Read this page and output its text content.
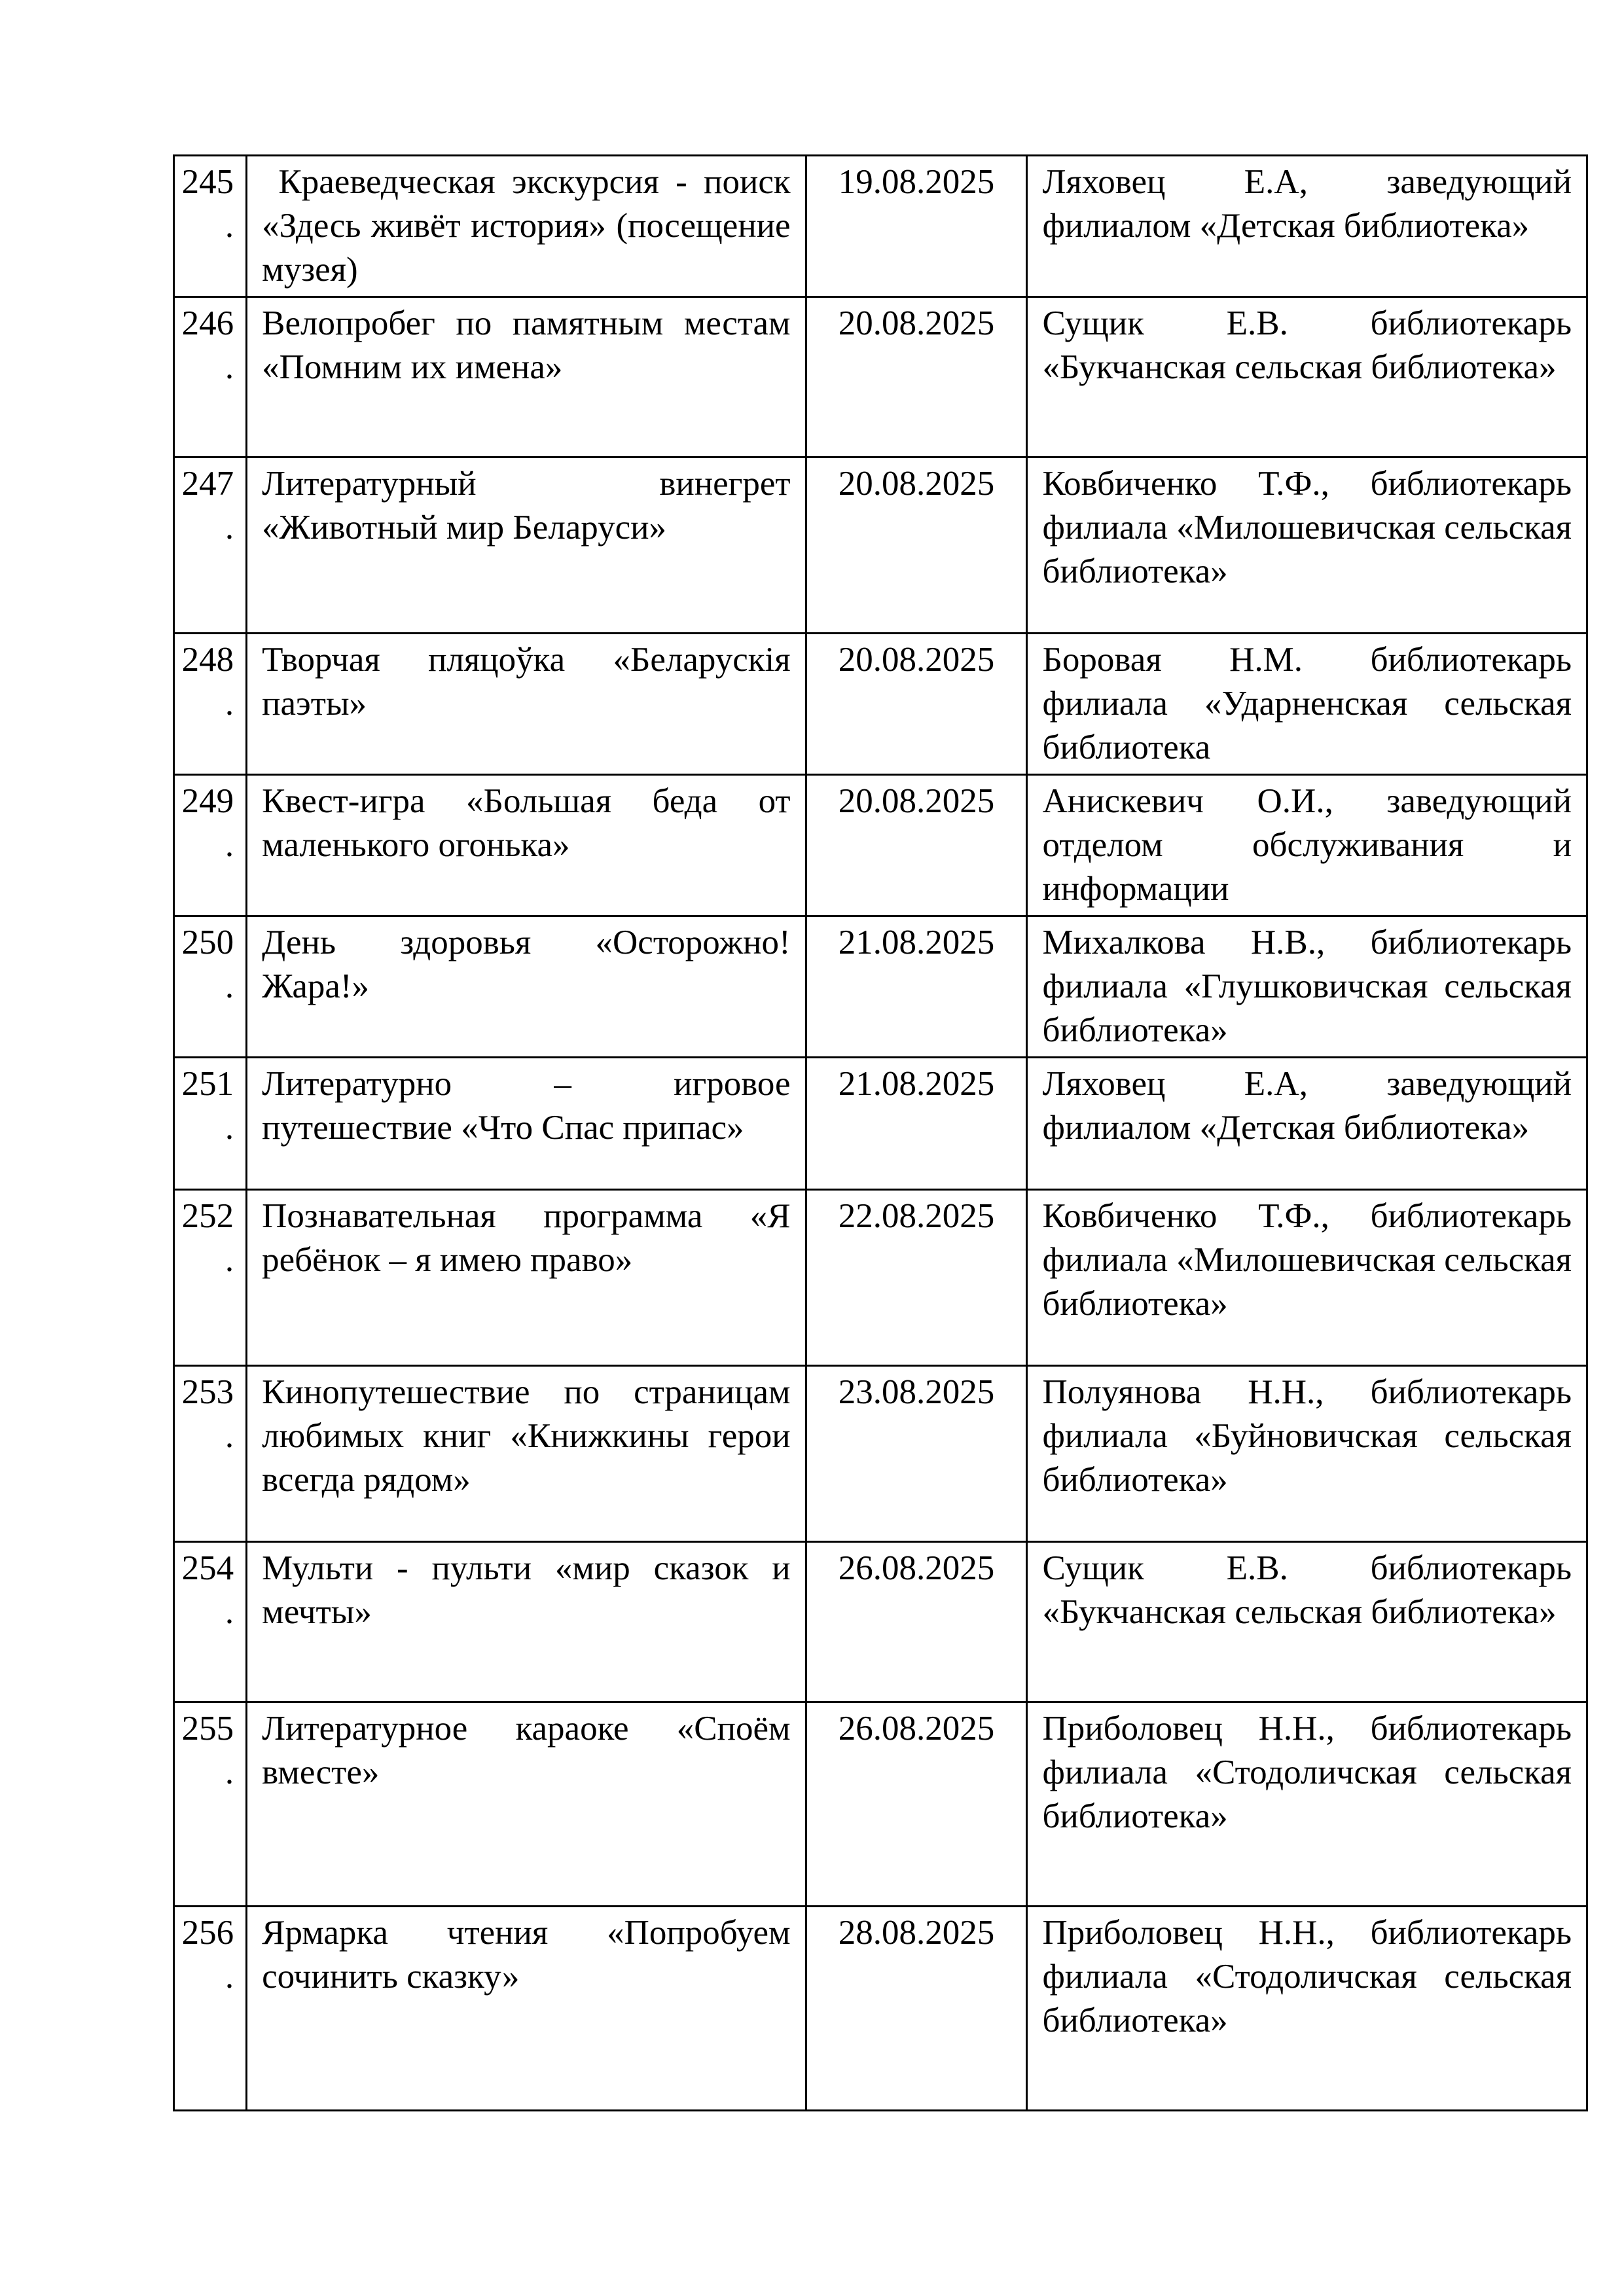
245.	Краеведческая экскурсия - поиск «Здесь живёт история» (посещение музея)	19.08.2025	Ляховец Е.А, заведующий филиалом «Детская библиотека»
246.	Велопробег по памятным местам «Помним их имена»	20.08.2025	Сущик Е.В. библиотекарь «Букчанская сельская библиотека»
247.	Литературный винегрет «Животный мир Беларуси»	20.08.2025	Ковбиченко Т.Ф., библиотекарь филиала «Милошевичская сельская библиотека»
248.	Творчая пляцоўка «Беларускія паэты»	20.08.2025	Боровая Н.М. библиотекарь филиала «Ударненская сельская библиотека
249.	Квест-игра «Большая беда от маленького огонька»	20.08.2025	Анискевич О.И., заведующий отделом обслуживания и информации
250.	День здоровья «Осторожно! Жара!»	21.08.2025	Михалкова Н.В., библиотекарь филиала «Глушковичская сельская библиотека»
251.	Литературно – игровое путешествие «Что Спас припас»	21.08.2025	Ляховец Е.А, заведующий филиалом «Детская библиотека»
252.	Познавательная программа «Я ребёнок – я имею право»	22.08.2025	Ковбиченко Т.Ф., библиотекарь филиала «Милошевичская сельская библиотека»
253.	Кинопутешествие по страницам любимых книг «Книжкины герои всегда рядом»	23.08.2025	Полуянова Н.Н., библиотекарь филиала «Буйновичская сельская библиотека»
254.	Мульти - пульти «мир сказок и мечты»	26.08.2025	Сущик Е.В. библиотекарь «Букчанская сельская библиотека»
255.	Литературное караоке «Споём вместе»	26.08.2025	Приболовец Н.Н., библиотекарь филиала «Стодоличская сельская библиотека»
256.	Ярмарка чтения «Попробуем сочинить сказку»	28.08.2025	Приболовец Н.Н., библиотекарь филиала «Стодоличская сельская библиотека»
